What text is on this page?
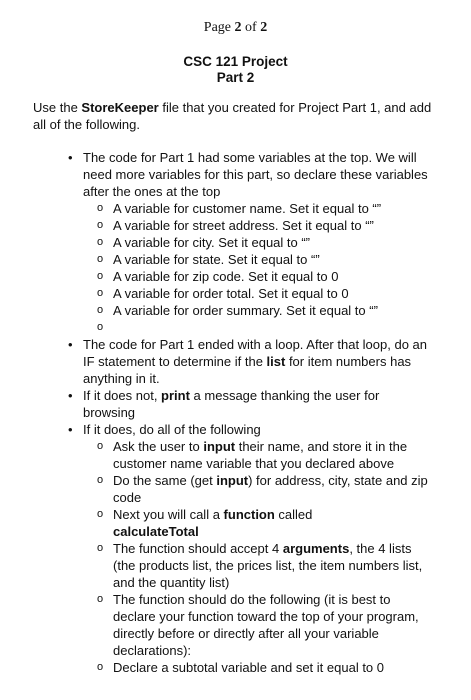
Page 2 of 2
CSC 121 Project
Part 2
Use the StoreKeeper file that you created for Project Part 1, and add all of the following.
• The code for Part 1 had some variables at the top. We will need more variables for this part, so declare these variables after the ones at the top
o A variable for customer name. Set it equal to “”
o A variable for street address. Set it equal to “”
o A variable for city. Set it equal to “”
o A variable for state. Set it equal to “”
o A variable for zip code. Set it equal to 0
o A variable for order total. Set it equal to 0
o A variable for order summary. Set it equal to “”
o
• The code for Part 1 ended with a loop. After that loop, do an IF statement to determine if the list for item numbers has anything in it.
• If it does not, print a message thanking the user for browsing
• If it does, do all of the following
o Ask the user to input their name, and store it in the customer name variable that you declared above
o Do the same (get input) for address, city, state and zip code
o Next you will call a function called
calculateTotal
o The function should accept 4 arguments, the 4 lists (the products list, the prices list, the item numbers list, and the quantity list)
o The function should do the following (it is best to declare your function toward the top of your program, directly before or directly after all your variable declarations):
o Declare a subtotal variable and set it equal to 0
